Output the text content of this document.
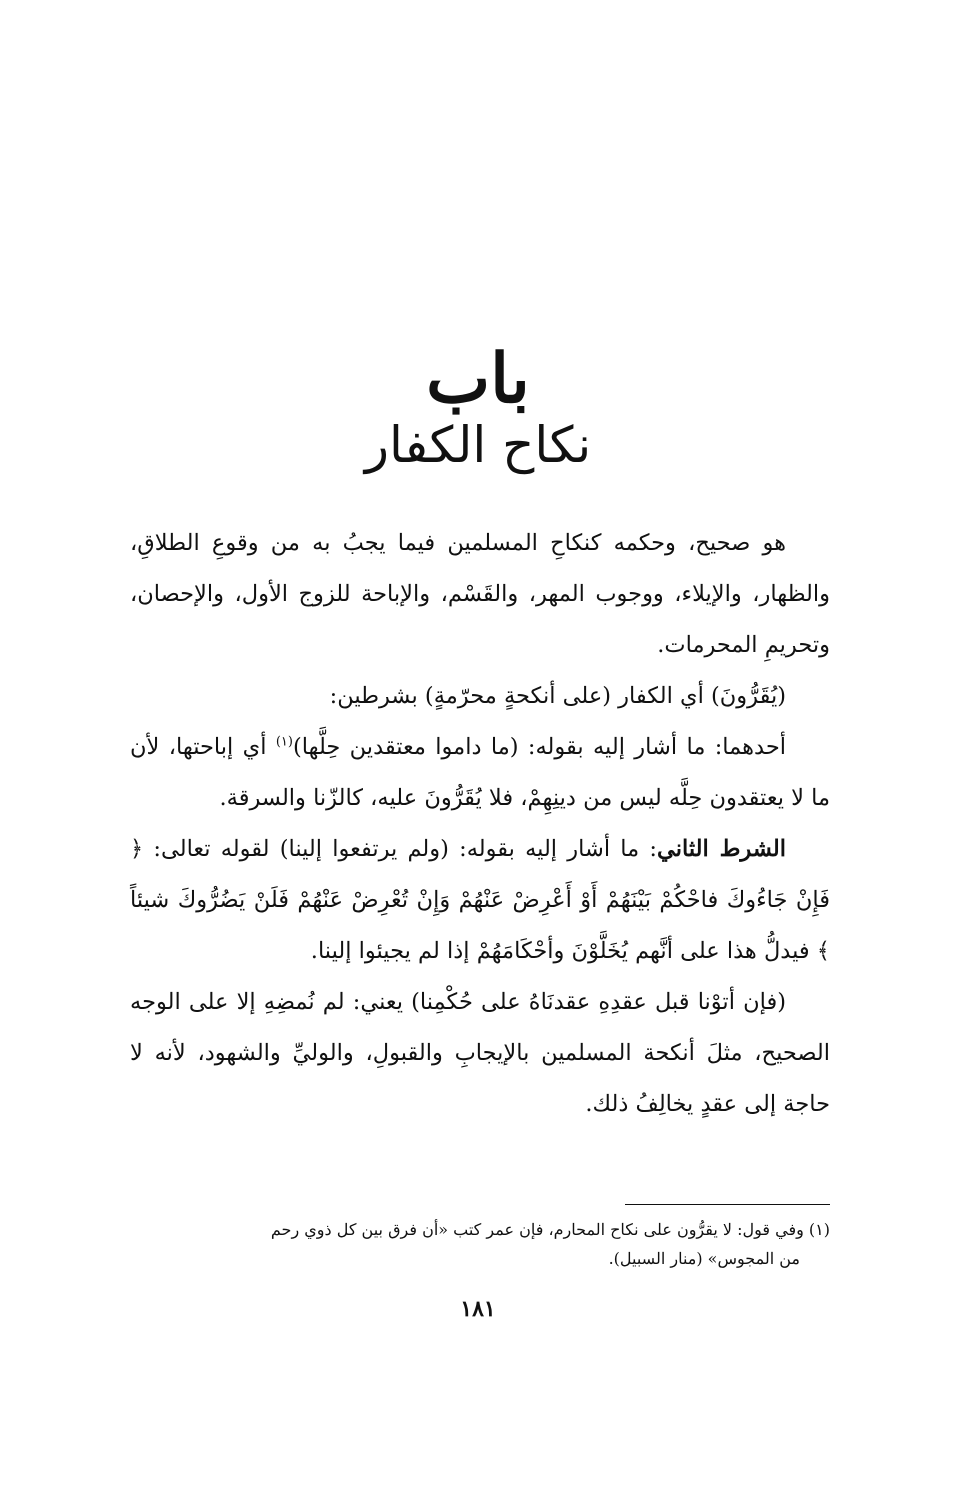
باب
نكاح الكفار

هو صحيح، وحكمه كنكاحِ المسلمين فيما يجبُ به من وقوعِ الطلاقِ، والظهار، والإيلاء، ووجوب المهر، والقَسْم، والإباحة للزوج الأول، والإحصان، وتحريمِ المحرمات.

(يُقَرُّونَ) أي الكفار (على أنكحةٍ محرّمةٍ) بشرطين:

أحدهما: ما أشار إليه بقوله: (ما داموا معتقدين حِلَّها)$^{(١)}$ أي إباحتها، لأن ما لا يعتقدون حِلَّه ليس من دينِهِمْ، فلا يُقَرُّونَ عليه، كالزّنا والسرقة.

الشرط الثاني: ما أشار إليه بقوله: (ولم يرتفعوا إلينا) لقوله تعالى: ﴿ فَإِنْ جَاءُوكَ فاحْكُمْ بَيْنَهُمْ أَوْ أَعْرِضْ عَنْهُمْ وَإِنْ تُعْرِضْ عَنْهُمْ فَلَنْ يَضُرُّوكَ شيئاً ﴾ فيدلُّ هذا على أنَّهم يُخَلَّوْنَ وأحْكَامَهُمْ إذا لم يجيئوا إلينا.

(فإن أتوْنا قبل عقدِهِ عقدنَاهُ على حُكْمِنا) يعني: لم نُمضِهِ إلا على الوجه الصحيح، مثلَ أنكحة المسلمين بالإيجابِ والقبولِ، والوليِّ والشهود، لأنه لا حاجة إلى عقدٍ يخالِفُ ذلك.

(١) وفي قول: لا يقرُّون على نكاح المحارم، فإن عمر كتب «أن فرق بين كل ذوي رحم

من المجوس» (منار السبيل).

١٨١
